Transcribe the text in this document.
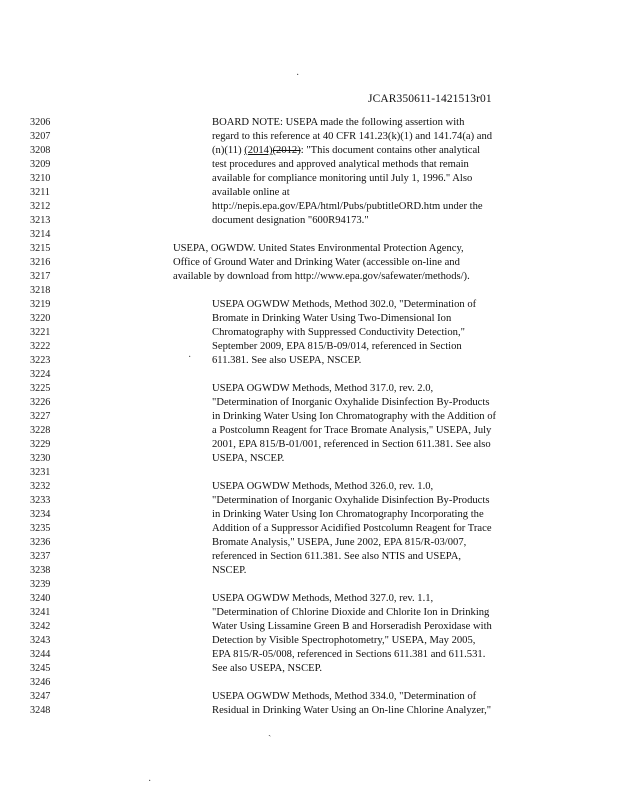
·
JCAR350611-1421513r01
3206
3207
3208
3209
3210
3211
3212
3213
3214
3215
3216
3217
3218
3219
3220
3221
3222
3223
3224
3225
3226
3227
3228
3229
3230
3231
3232
3233
3234
3235
3236
3237
3238
3239
3240
3241
3242
3243
3244
3245
3246
3247
3248
BOARD NOTE: USEPA made the following assertion with
regard to this reference at 40 CFR 141.23(k)(1) and 141.74(a) and
(n)(11) (2014)(2012): "This document contains other analytical
test procedures and approved analytical methods that remain
available for compliance monitoring until July 1, 1996." Also
available online at
http://nepis.epa.gov/EPA/html/Pubs/pubtitleORD.htm under the
document designation "600R94173."
USEPA, OGWDW. United States Environmental Protection Agency,
Office of Ground Water and Drinking Water (accessible on-line and
available by download from http://www.epa.gov/safewater/methods/).
USEPA OGWDW Methods, Method 302.0, "Determination of
Bromate in Drinking Water Using Two-Dimensional Ion
Chromatography with Suppressed Conductivity Detection,"
September 2009, EPA 815/B-09/014, referenced in Section
611.381. See also USEPA, NSCEP.
·
USEPA OGWDW Methods, Method 317.0, rev. 2.0,
"Determination of Inorganic Oxyhalide Disinfection By-Products
in Drinking Water Using Ion Chromatography with the Addition of
a Postcolumn Reagent for Trace Bromate Analysis," USEPA, July
2001, EPA 815/B-01/001, referenced in Section 611.381. See also
USEPA, NSCEP.
USEPA OGWDW Methods, Method 326.0, rev. 1.0,
"Determination of Inorganic Oxyhalide Disinfection By-Products
in Drinking Water Using Ion Chromatography Incorporating the
Addition of a Suppressor Acidified Postcolumn Reagent for Trace
Bromate Analysis," USEPA, June 2002, EPA 815/R-03/007,
referenced in Section 611.381. See also NTIS and USEPA,
NSCEP.
USEPA OGWDW Methods, Method 327.0, rev. 1.1,
"Determination of Chlorine Dioxide and Chlorite Ion in Drinking
Water Using Lissamine Green B and Horseradish Peroxidase with
Detection by Visible Spectrophotometry," USEPA, May 2005,
EPA 815/R-05/008, referenced in Sections 611.381 and 611.531.
See also USEPA, NSCEP.
USEPA OGWDW Methods, Method 334.0, "Determination of
Residual in Drinking Water Using an On-line Chlorine Analyzer,"
ˎ
·
